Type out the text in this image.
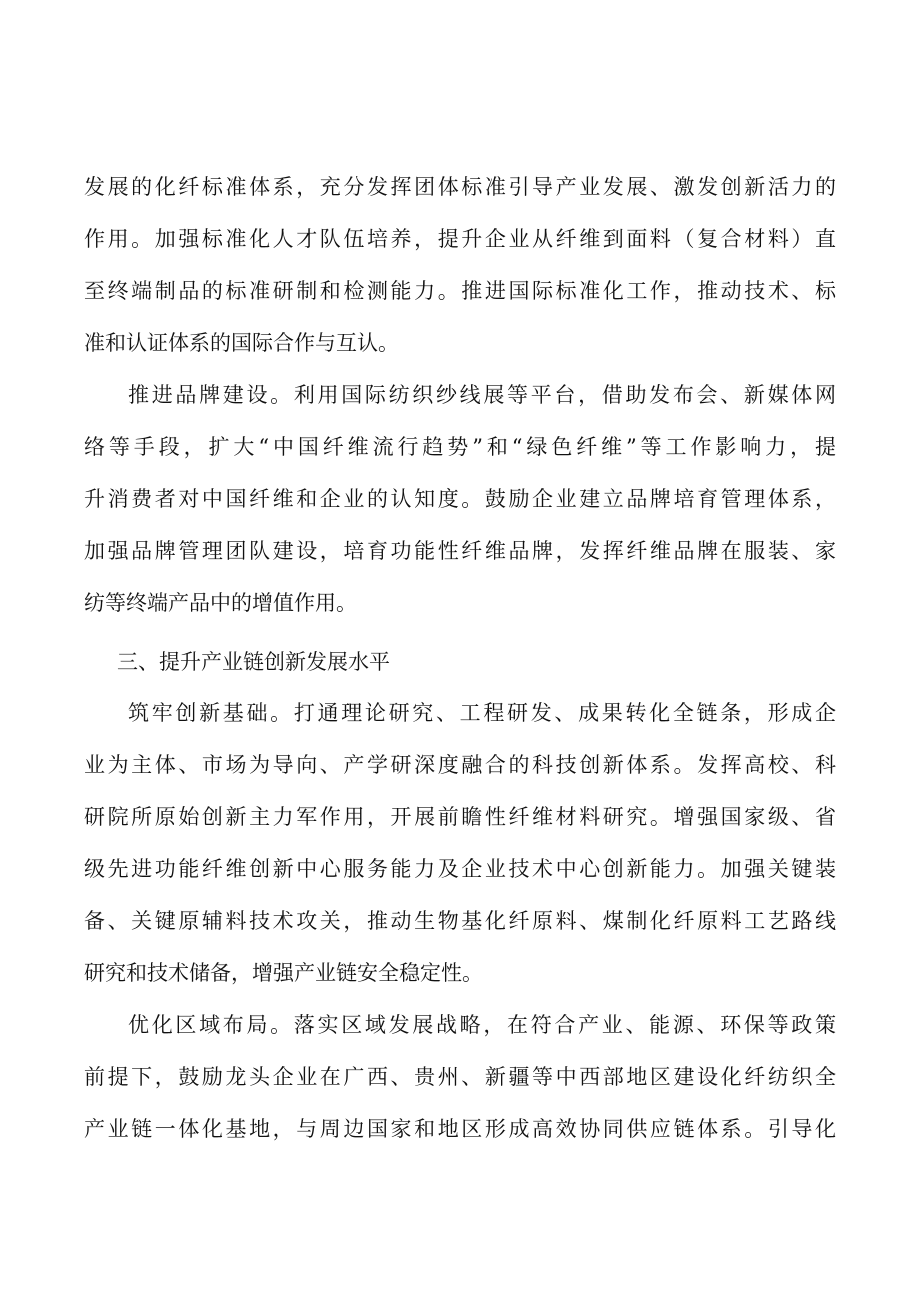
发展的化纤标准体系，充分发挥团体标准引导产业发展、激发创新活力的
作用。加强标准化人才队伍培养，提升企业从纤维到面料（复合材料）直
至终端制品的标准研制和检测能力。推进国际标准化工作，推动技术、标
准和认证体系的国际合作与互认。
推进品牌建设。利用国际纺织纱线展等平台，借助发布会、新媒体网
络等手段，扩大“中国纤维流行趋势”和“绿色纤维”等工作影响力，提
升消费者对中国纤维和企业的认知度。鼓励企业建立品牌培育管理体系，
加强品牌管理团队建设，培育功能性纤维品牌，发挥纤维品牌在服装、家
纺等终端产品中的增值作用。
三、提升产业链创新发展水平
筑牢创新基础。打通理论研究、工程研发、成果转化全链条，形成企
业为主体、市场为导向、产学研深度融合的科技创新体系。发挥高校、科
研院所原始创新主力军作用，开展前瞻性纤维材料研究。增强国家级、省
级先进功能纤维创新中心服务能力及企业技术中心创新能力。加强关键装
备、关键原辅料技术攻关，推动生物基化纤原料、煤制化纤原料工艺路线
研究和技术储备，增强产业链安全稳定性。
优化区域布局。落实区域发展战略，在符合产业、能源、环保等政策
前提下，鼓励龙头企业在广西、贵州、新疆等中西部地区建设化纤纺织全
产业链一体化基地，与周边国家和地区形成高效协同供应链体系。引导化
